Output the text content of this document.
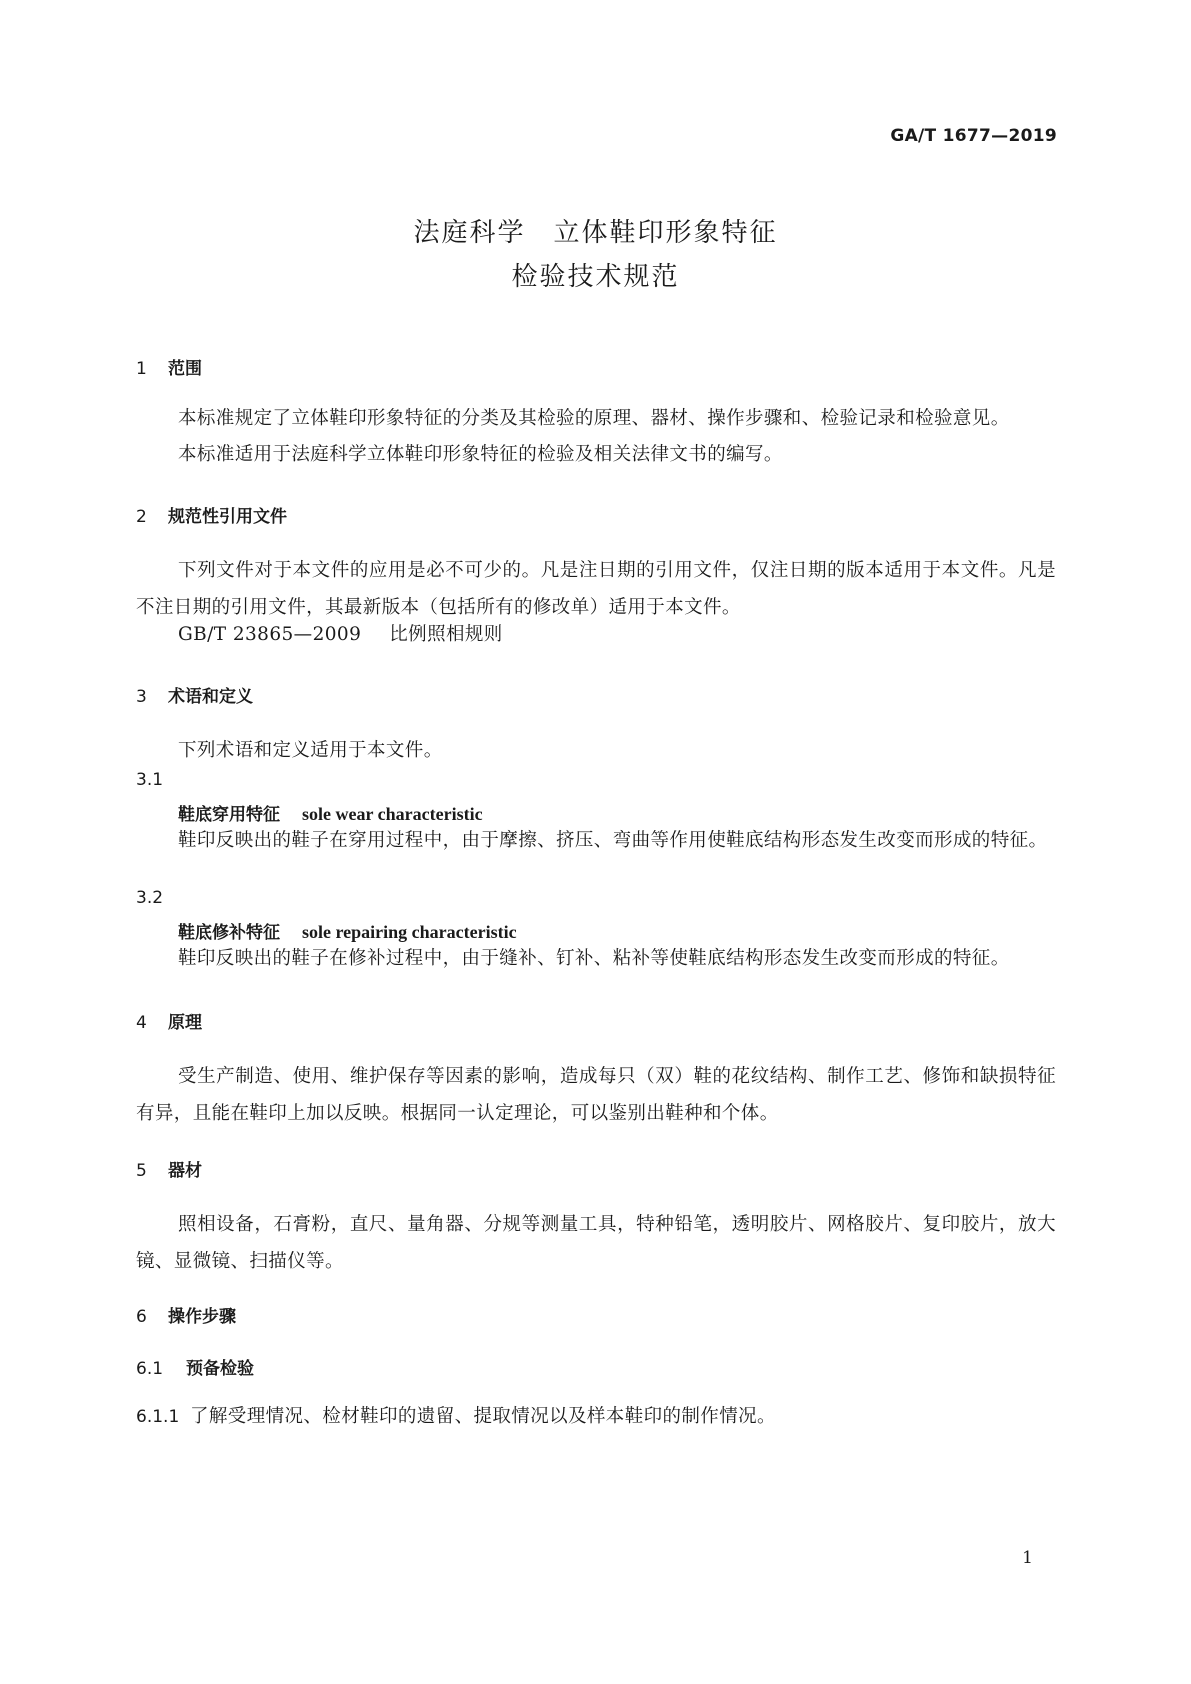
GA/T 1677—2019
法庭科学　立体鞋印形象特征
检验技术规范
1 范围
本标准规定了立体鞋印形象特征的分类及其检验的原理、器材、操作步骤和、检验记录和检验意见。
本标准适用于法庭科学立体鞋印形象特征的检验及相关法律文书的编写。
2 规范性引用文件
下列文件对于本文件的应用是必不可少的。凡是注日期的引用文件，仅注日期的版本适用于本文件。凡是不注日期的引用文件，其最新版本（包括所有的修改单）适用于本文件。
GB/T 23865—2009 比例照相规则
3 术语和定义
下列术语和定义适用于本文件。
3.1
鞋底穿用特征 sole wear characteristic
鞋印反映出的鞋子在穿用过程中，由于摩擦、挤压、弯曲等作用使鞋底结构形态发生改变而形成的特征。
3.2
鞋底修补特征 sole repairing characteristic
鞋印反映出的鞋子在修补过程中，由于缝补、钉补、粘补等使鞋底结构形态发生改变而形成的特征。
4 原理
受生产制造、使用、维护保存等因素的影响，造成每只（双）鞋的花纹结构、制作工艺、修饰和缺损特征有异，且能在鞋印上加以反映。根据同一认定理论，可以鉴别出鞋种和个体。
5 器材
照相设备，石膏粉，直尺、量角器、分规等测量工具，特种铅笔，透明胶片、网格胶片、复印胶片，放大镜、显微镜、扫描仪等。
6 操作步骤
6.1 预备检验
6.1.1 了解受理情况、检材鞋印的遗留、提取情况以及样本鞋印的制作情况。
1
